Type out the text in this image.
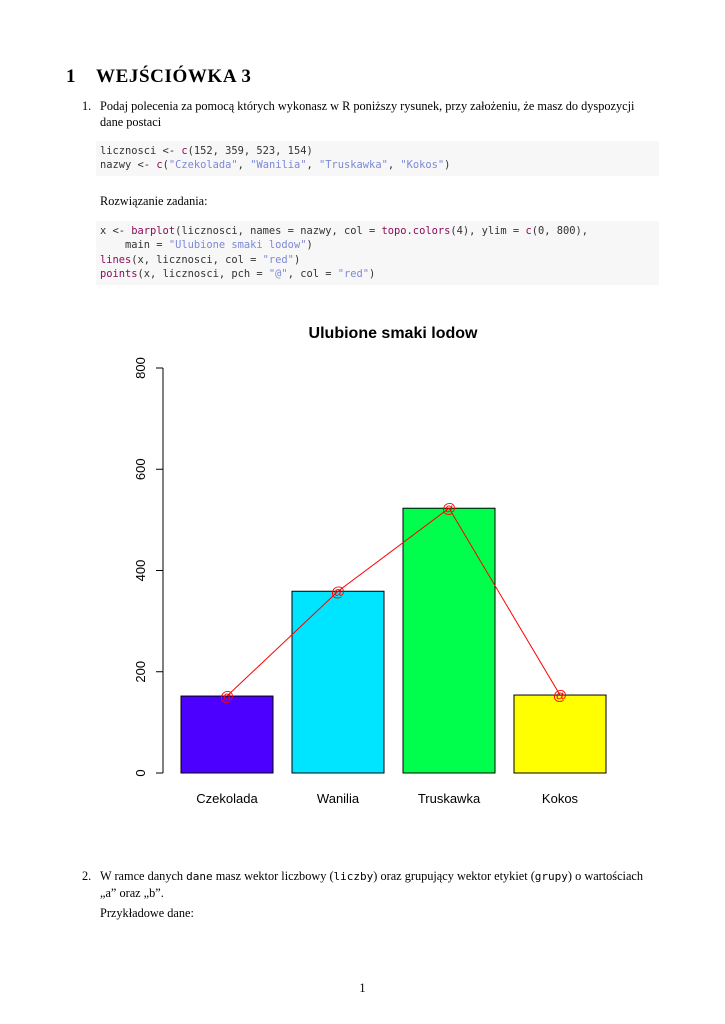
1 WEJŚCIÓWKA 3
1. Podaj polecenia za pomocą których wykonasz w R poniższy rysunek, przy założeniu, że masz do dyspozycji
dane postaci
licznosci <- c(152, 359, 523, 154)
nazwy <- c("Czekolada", "Wanilia", "Truskawka", "Kokos")
Rozwiązanie zadania:
x <- barplot(licznosci, names = nazwy, col = topo.colors(4), ylim = c(0, 800),
main = "Ulubione smaki lodow")
lines(x, licznosci, col = "red")
points(x, licznosci, pch = "@", col = "red")
Ulubione smaki lodow
0
200
400
600
800
@
@
@
@
Czekolada	Wanilia	Truskawka	Kokos
2. W ramce danych dane masz wektor liczbowy (liczby) oraz grupujący wektor etykiet (grupy) o wartościach
„a” oraz „b”.
Przykładowe dane:
1
